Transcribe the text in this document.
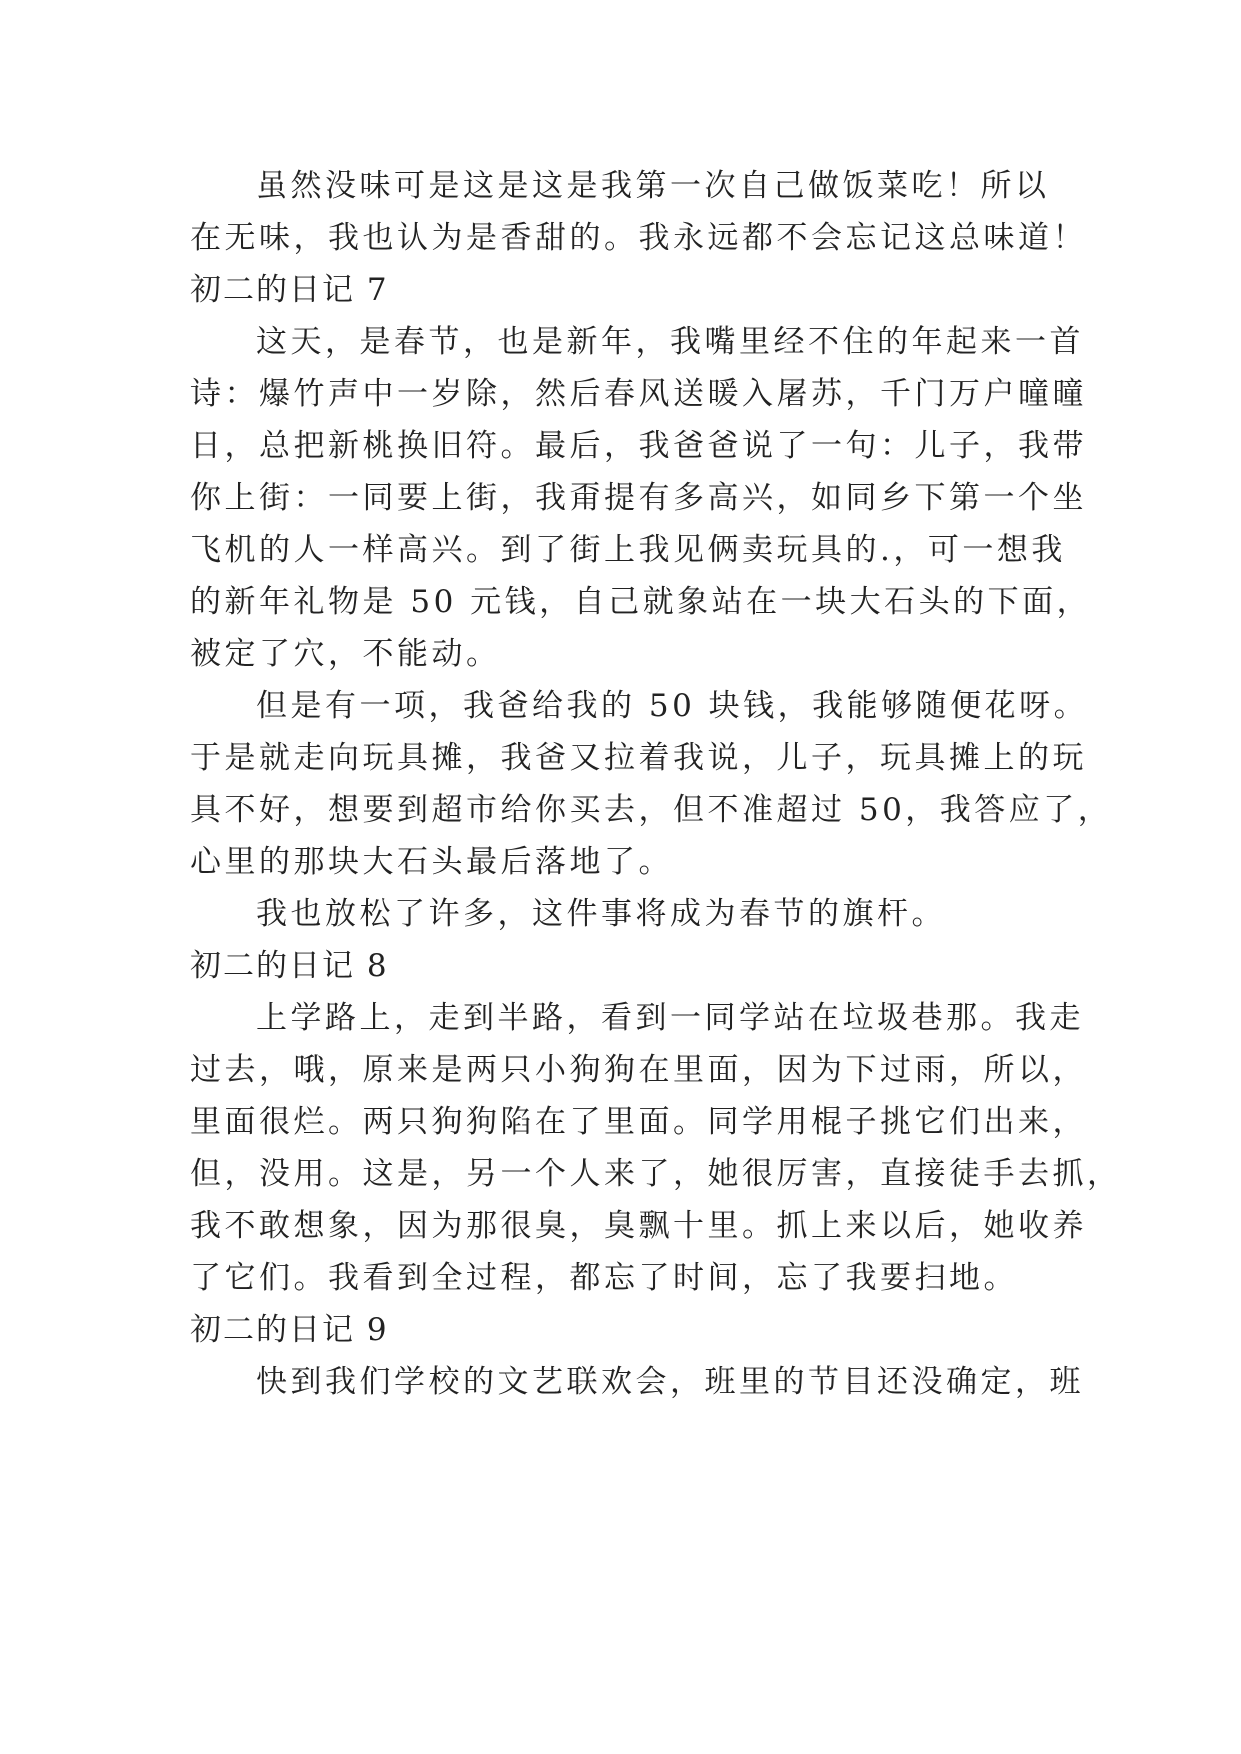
虽然没味可是这是这是我第一次自己做饭菜吃！所以
在无味，我也认为是香甜的。我永远都不会忘记这总味道！
初二的日记 7
这天，是春节，也是新年，我嘴里经不住的年起来一首
诗：爆竹声中一岁除，然后春风送暖入屠苏，千门万户曈曈
日，总把新桃换旧符。最后，我爸爸说了一句：儿子，我带
你上街：一同要上街，我甭提有多高兴，如同乡下第一个坐
飞机的人一样高兴。到了街上我见俩卖玩具的.，可一想我
的新年礼物是 50 元钱，自己就象站在一块大石头的下面，
被定了穴，不能动。
但是有一项，我爸给我的 50 块钱，我能够随便花呀。
于是就走向玩具摊，我爸又拉着我说，儿子，玩具摊上的玩
具不好，想要到超市给你买去，但不准超过 50，我答应了，
心里的那块大石头最后落地了。
我也放松了许多，这件事将成为春节的旗杆。
初二的日记 8
上学路上，走到半路，看到一同学站在垃圾巷那。我走
过去，哦，原来是两只小狗狗在里面，因为下过雨，所以，
里面很烂。两只狗狗陷在了里面。同学用棍子挑它们出来，
但，没用。这是，另一个人来了，她很厉害，直接徒手去抓，
我不敢想象，因为那很臭，臭飘十里。抓上来以后，她收养
了它们。我看到全过程，都忘了时间，忘了我要扫地。
初二的日记 9
快到我们学校的文艺联欢会，班里的节目还没确定，班
